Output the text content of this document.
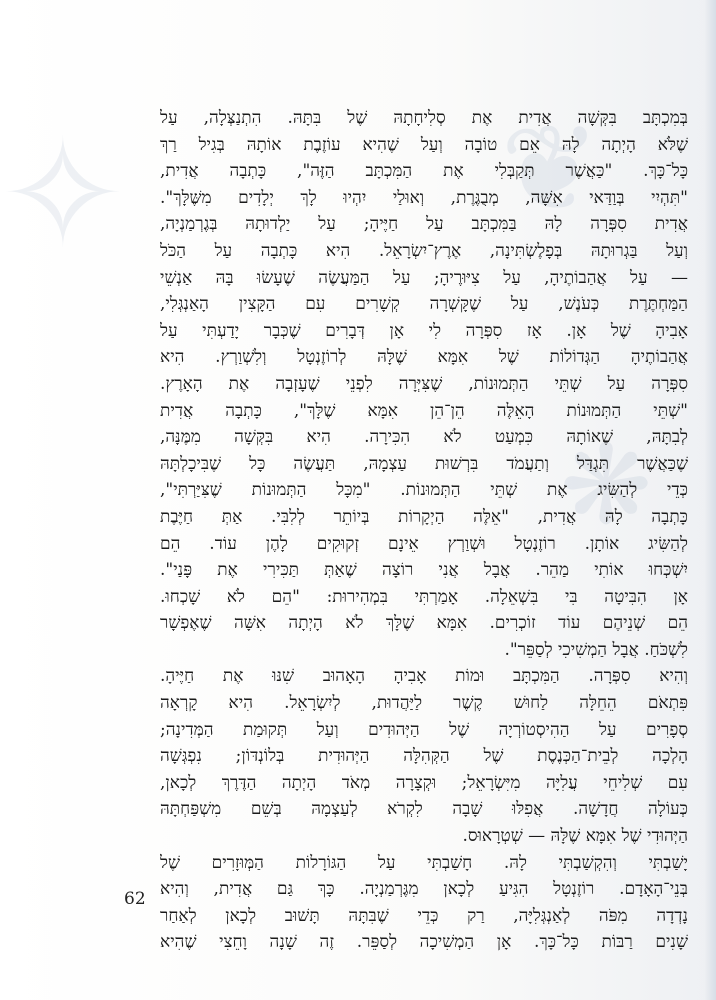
✧	❦
❋
בְּמִכְתָּב בִּקְּשָׁה אֲדִית אֶת סְלִיחָתָהּ שֶׁל בִּתָּהּ. הִתְנַצְּלָה, עַל
שֶׁלֹּא הָיְתָה לָהּ אֵם טוֹבָה וְעַל שֶׁהִיא עוֹזֶבֶת אוֹתָהּ בְּגִיל רַךְ
כָּל־כָּךְ. "כַּאֲשֶׁר תְּקַבְּלִי אֶת הַמִּכְתָּב הַזֶּה", כָּתְבָה אֲדִית,
"תִּהְיִי בְּוַדַּאי אִשָּׁה, מְבֻגֶּרֶת, וְאוּלַי יִהְיוּ לָךְ יְלָדִים מִשֶּׁלָּךְ".
אֲדִית סִפְּרָה לָהּ בַּמִּכְתָּב עַל חַיֶּיהָ; עַל יַלְדוּתָהּ בְּגֶרְמַנְיָה,
וְעַל בַּגְרוּתָהּ בְּפָלֶשְׂתִּינָה, אֶרֶץ־יִשְׂרָאֵל. הִיא כָּתְבָה עַל הַכֹּל
— עַל אֲהַבוֹתֶיהָ, עַל צִיּוּרֶיהָ; עַל הַמַּעֲשֶׂה שֶׁעָשׂוּ בָּהּ אַנְשֵׁי
הַמַּחְתֶּרֶת כְּעֹנֶשׁ, עַל שֶׁקָּשְׁרָה קְשָׁרִים עִם הַקָּצִין הָאַנְגְּלִי,
אָבִיהָ שֶׁל אָן. אָז סִפְּרָה לִי אָן דְּבָרִים שֶׁכְּבָר יָדַעְתִּי עַל
אֲהַבוֹתֶיהָ הַגְּדוֹלוֹת שֶׁל אִמָּא שֶׁלָּהּ לְרוֹזֶנְטָל וְלִשְׁוַרְץ. הִיא
סִפְּרָה עַל שְׁתֵּי הַתְּמוּנוֹת, שֶׁצִּיְּרָה לִפְנֵי שֶׁעָזְבָה אֶת הָאָרֶץ.
"שְׁתֵּי הַתְּמוּנוֹת הָאֵלֶּה הֵן־הֵן אִמָּא שֶׁלָּךְ", כָּתְבָה אֲדִית
לְבִתָּהּ, שֶׁאוֹתָהּ כִּמְעַט לֹא הִכִּירָה. הִיא בִּקְּשָׁה מִמֶּנָּה,
שֶׁכַּאֲשֶׁר תִּגְדַּל וְתַעֲמֹד בִּרְשׁוּת עַצְמָהּ, תַּעֲשֶׂה כָּל שֶׁבִּיכָלְתָּהּ
כְּדֵי לְהַשִּׂיג אֶת שְׁתֵּי הַתְּמוּנוֹת. "מִכָּל הַתְּמוּנוֹת שֶׁצִּיַּרְתִּי",
כָּתְבָה לָהּ אֲדִית, "אֵלֶּה הַיְקָרוֹת בְּיוֹתֵר לְלִבִּי. אַתְּ חַיֶּבֶת
לְהַשִּׂיג אוֹתָן. רוֹזֶנְטָל וּשְׁוַרְץ אֵינָם זְקוּקִים לָהֶן עוֹד. הֵם
יִשְׁכְּחוּ אוֹתִי מַהֵר. אֲבָל אֲנִי רוֹצָה שֶׁאַתְּ תַּכִּירִי אֶת פָּנַי".
אָן הִבִּיטָה בִּי בִּשְׁאֵלָה. אָמַרְתִּי בִּמְהִירוּת: "הֵם לֹא שָׁכְחוּ.
הֵם שְׁנֵיהֶם עוֹד זוֹכְרִים. אִמָּא שֶׁלָּךְ לֹא הָיְתָה אִשָּׁה שֶׁאֶפְשָׁר
לִשְׁכֹּחַ. אֲבָל הַמְשִׁיכִי לְסַפֵּר".
וְהִיא סִפְּרָה. הַמִּכְתָּב וּמוֹת אָבִיהָ הָאָהוּב שִׁנּוּ אֶת חַיֶּיהָ.
פִּתְאֹם הֵחֵלָּה לַחוּשׁ קֶשֶׁר לַיַּהֲדוּת, לְיִשְׂרָאֵל. הִיא קָרְאָה
סְפָרִים עַל הַהִיסְטוֹרְיָה שֶׁל הַיְּהוּדִים וְעַל תְּקוּמַת הַמְּדִינָה;
הָלְכָה לְבֵית־הַכְּנֶסֶת שֶׁל הַקְּהִלָּה הַיְּהוּדִית בְּלוֹנְדּוֹן; נִפְגְּשָׁה
עִם שְׁלִיחֵי עֲלִיָּה מִיִּשְׂרָאֵל; וּקְצָרָה מְאֹד הָיְתָה הַדֶּרֶךְ לְכָאן,
כְּעוֹלָה חֲדָשָׁה. אֲפִלּוּ שָׁבָה לִקְרֹא לְעַצְמָהּ בְּשֵׁם מִשְׁפַּחְתָּהּ
הַיְּהוּדִי שֶׁל אִמָּא שֶׁלָּהּ — שְׁטְרָאוּס.
יָשַׁבְתִּי וְהִקְשַׁבְתִּי לָהּ. חָשַׁבְתִּי עַל הַגּוֹרָלוֹת הַמְּוּזָרִים שֶׁל
בְּנֵי־הָאָדָם. רוֹזֶנְטָל הִגִּיעַ לְכָאן מִגֶּרְמַנְיָה. כָּךְ גַּם אֲדִית, וְהִיא
נָדְדָה מִפֹּה לְאַנְגְּלִיָּה, רַק כְּדֵי שֶׁבִּתָּהּ תָּשׁוּב לְכָאן לְאַחַר
שָׁנִים רַבּוֹת כָּל־כָּךְ. אָן הַמְשִׁיכָה לְסַפֵּר. זֶה שָׁנָה וָחֵצִי שֶׁהִיא
62
